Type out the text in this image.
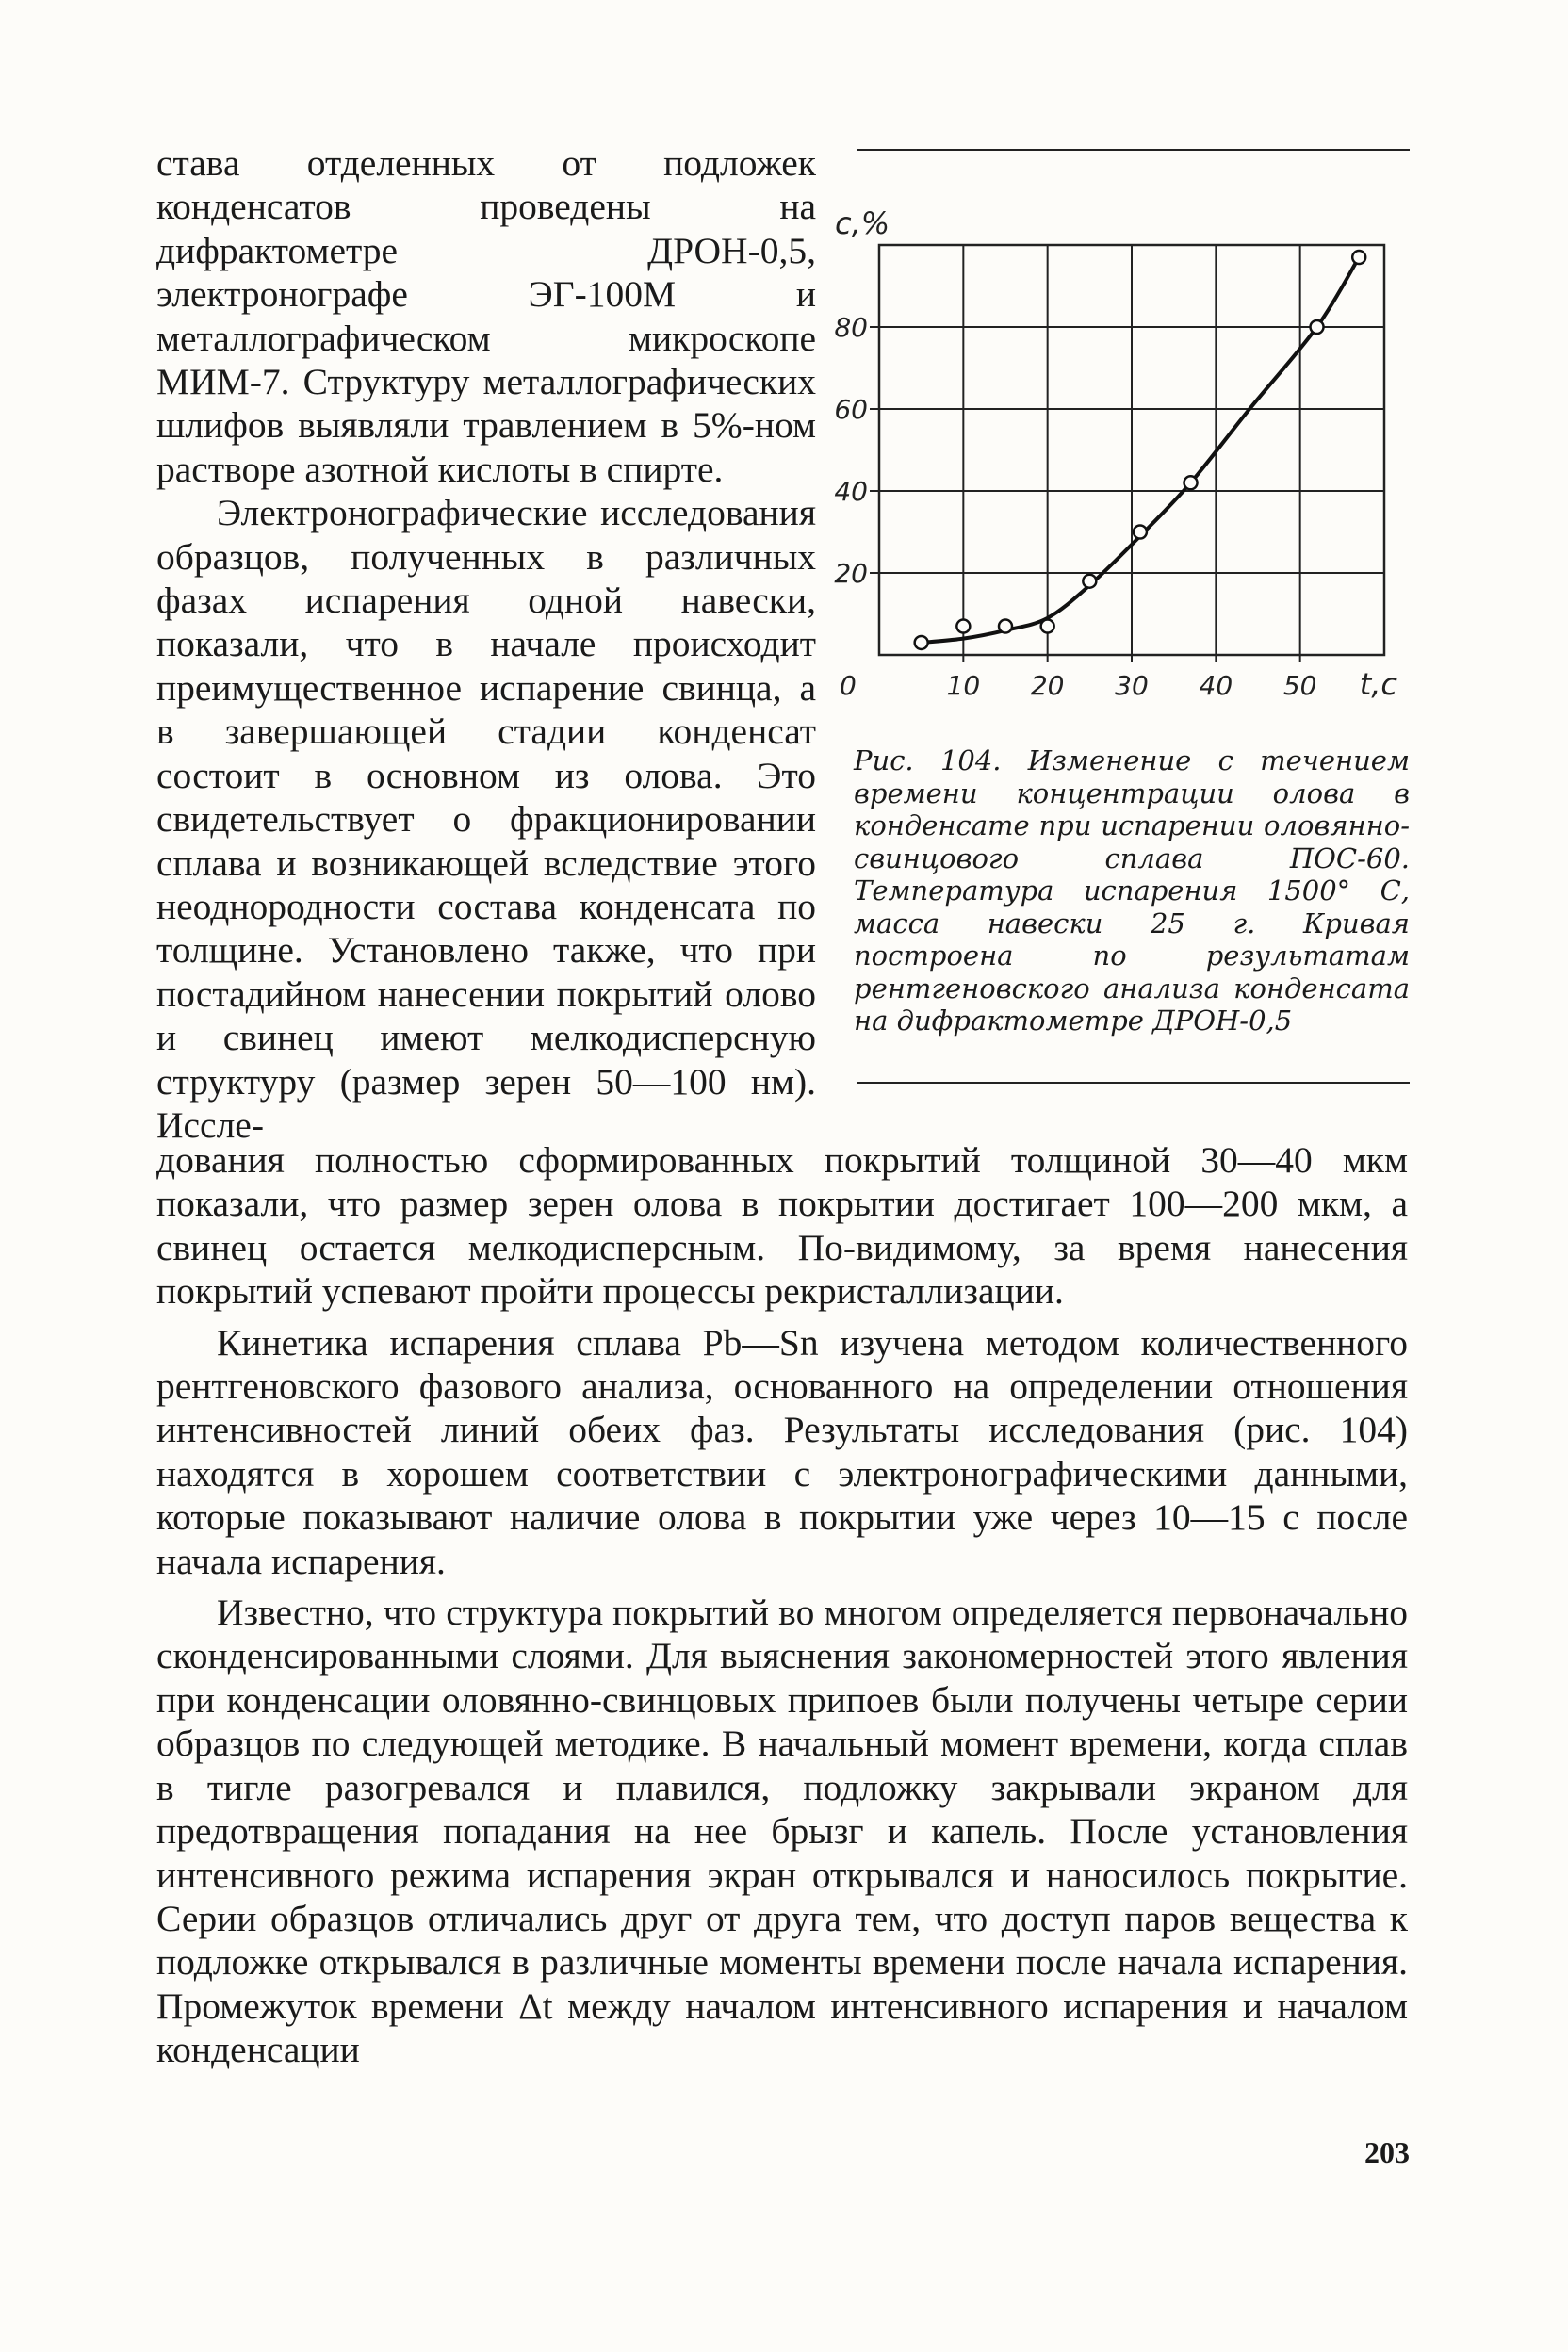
става отделенных от подложек конденсатов проведены на дифрактометре ДРОН-0,5, электронографе ЭГ-100М и металлографическом микроскопе МИМ-7. Структуру металлографических шлифов выявляли травлением в 5%-ном растворе азотной кислоты в спирте.

Электронографические исследования образцов, полученных в различных фазах испарения одной навески, показали, что в начале происходит преимущественное испарение свинца, а в завершающей стадии конденсат состоит в основном из олова. Это свидетельствует о фракционировании сплава и возникающей вследствие этого неоднородности состава конденсата по толщине. Установлено также, что при постадийном нанесении покрытий олово и свинец имеют мелкодисперсную структуру (размер зерен 50—100 нм). Иссле-

20
40
60
80
10 20 30 40 50
0
c,%
t,c
Рис. 104. Изменение с течением времени концентрации олова в конденсате при испарении оловянно-свинцового сплава ПОС-60. Температура испарения 1500° С, масса навески 25 г. Кривая построена по результатам рентгеновского анализа конденсата на дифрактометре ДРОН-0,5

дования полностью сформированных покрытий толщиной 30—40 мкм показали, что размер зерен олова в покрытии достигает 100—200 мкм, а свинец остается мелкодисперсным. По-видимому, за время нанесения покрытий успевают пройти процессы рекристаллизации.

Кинетика испарения сплава Pb—Sn изучена методом количественного рентгеновского фазового анализа, основанного на определении отношения интенсивностей линий обеих фаз. Результаты исследования (рис. 104) находятся в хорошем соответствии с электронографическими данными, которые показывают наличие олова в покрытии уже через 10—15 с после начала испарения.

Известно, что структура покрытий во многом определяется первоначально сконденсированными слоями. Для выяснения закономерностей этого явления при конденсации оловянно-свинцовых припоев были получены четыре серии образцов по следующей методике. В начальный момент времени, когда сплав в тигле разогревался и плавился, подложку закрывали экраном для предотвращения попадания на нее брызг и капель. После установления интенсивного режима испарения экран открывался и наносилось покрытие. Серии образцов отличались друг от друга тем, что доступ паров вещества к подложке открывался в различные моменты времени после начала испарения. Промежуток времени Δt между началом интенсивного испарения и началом конденсации

203
